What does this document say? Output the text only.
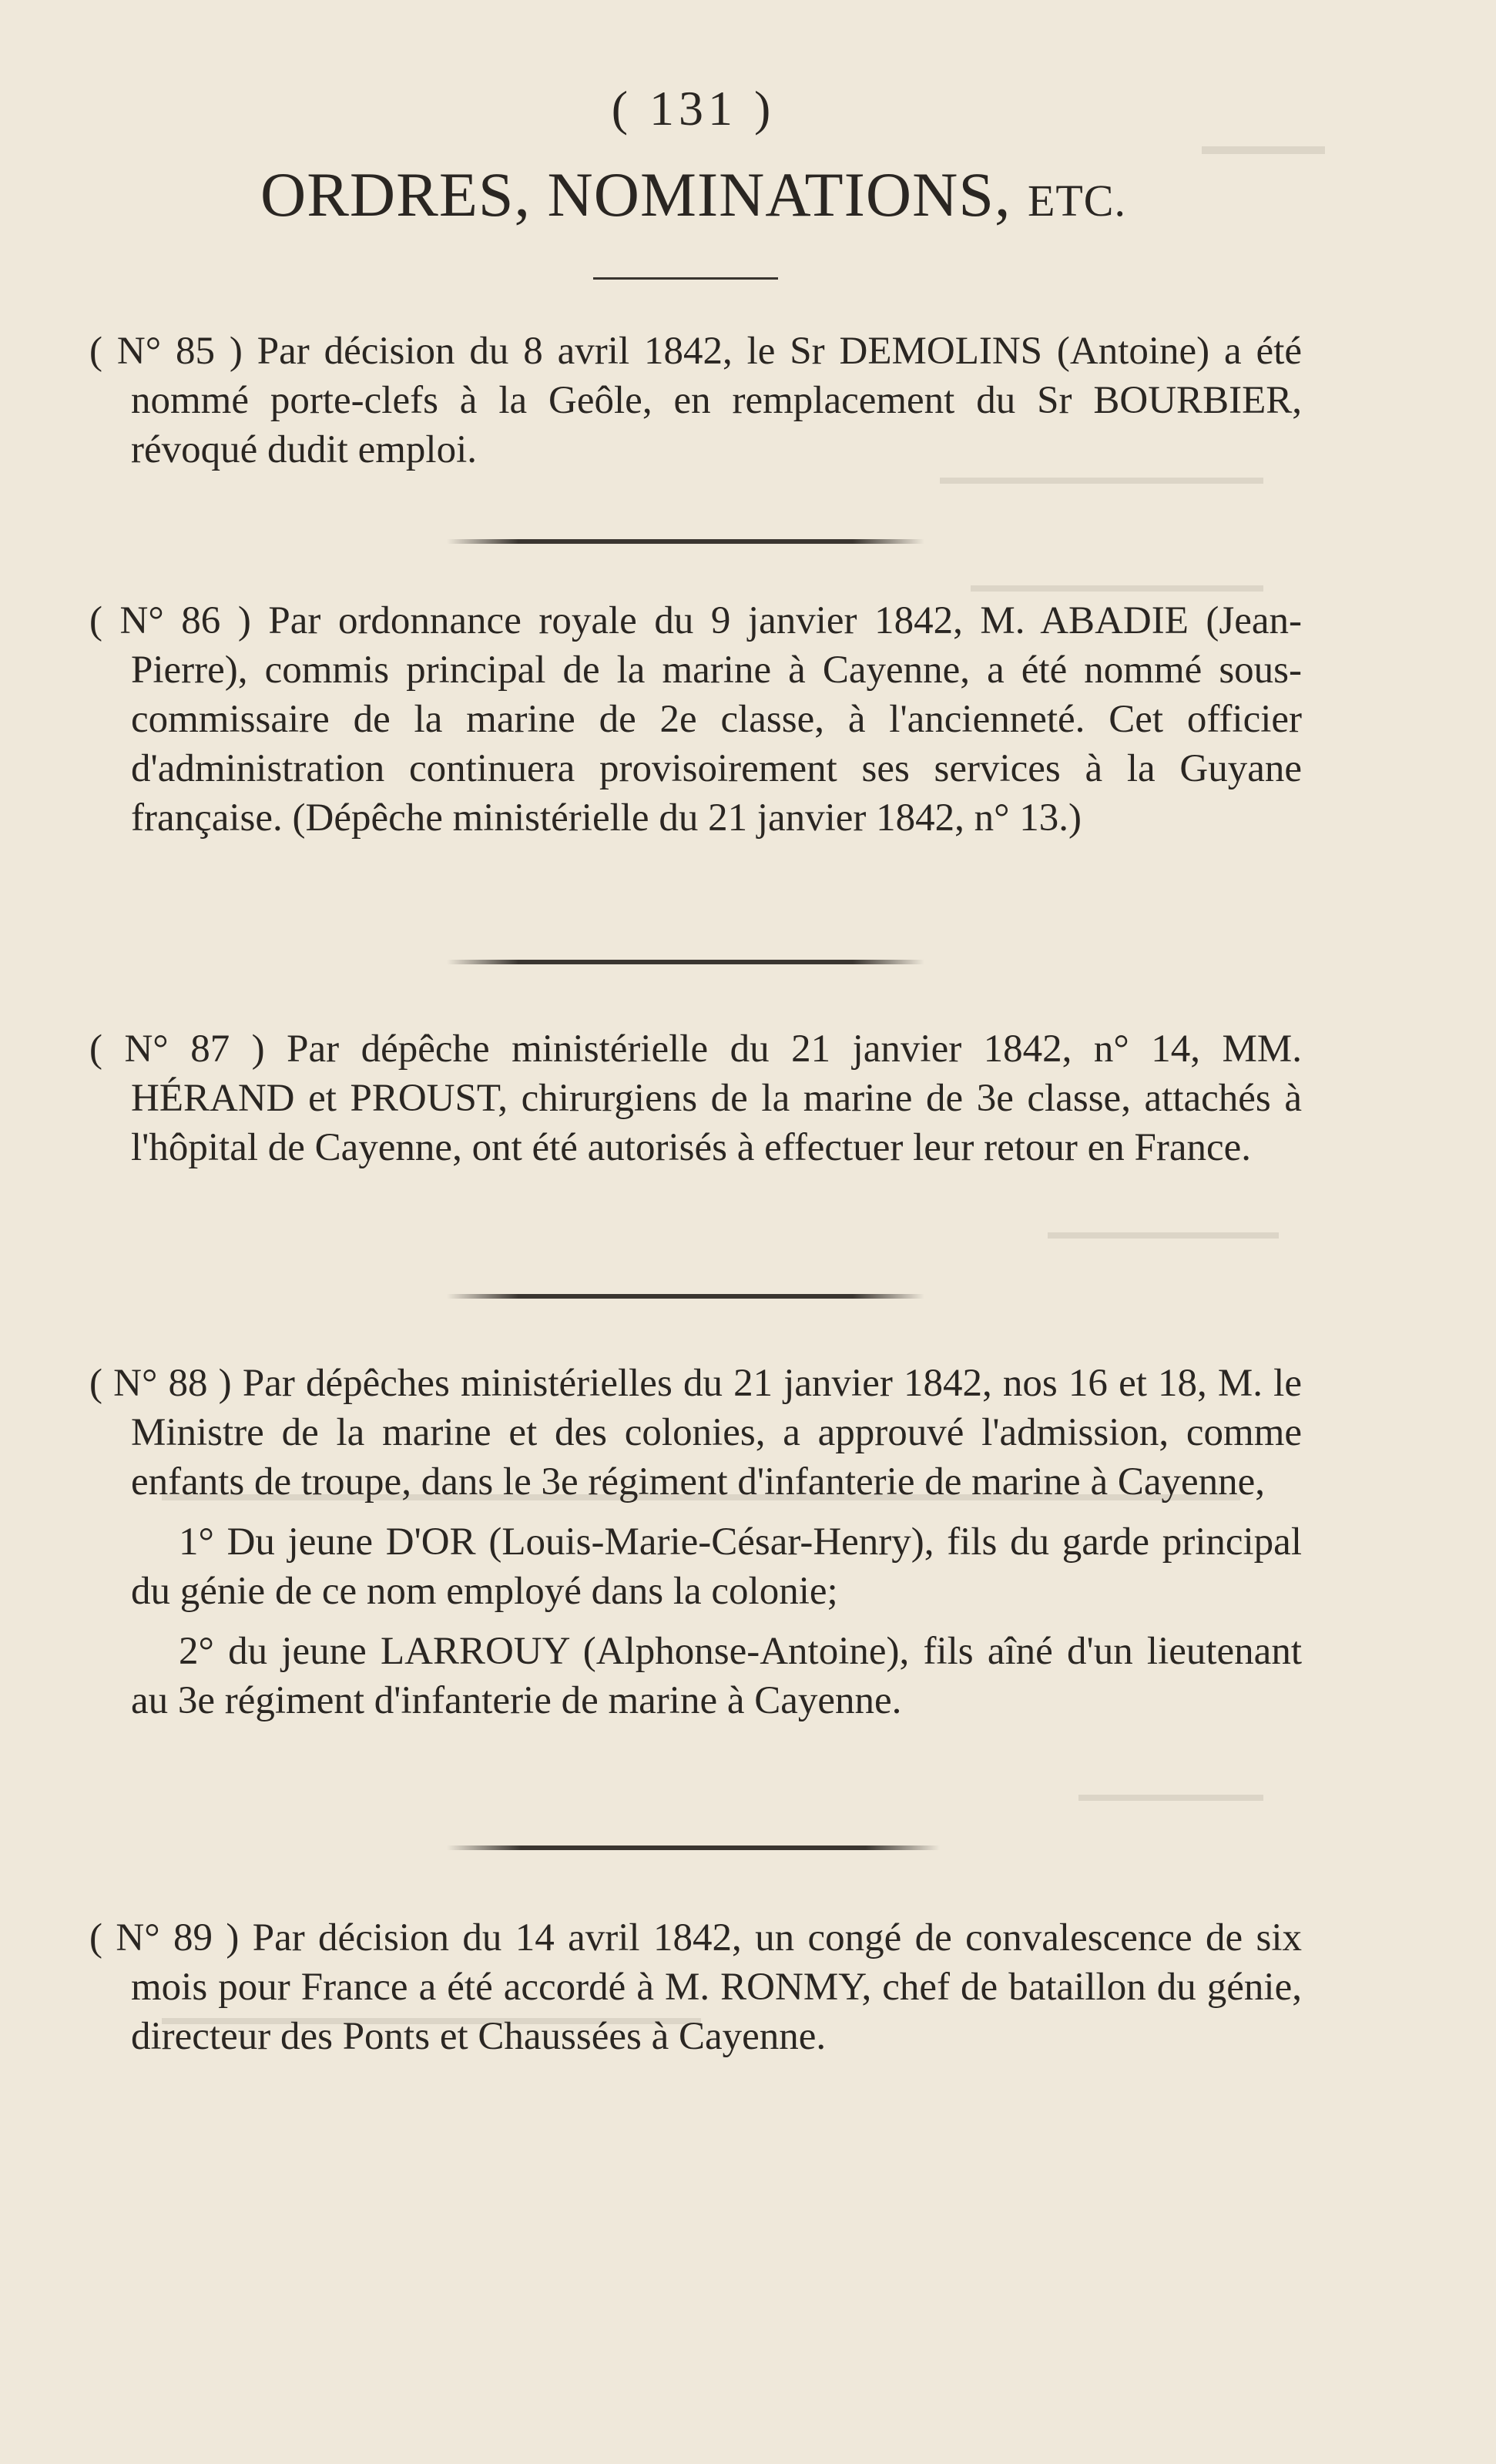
( 131 )
ORDRES, NOMINATIONS, ETC.

( N° 85 ) Par décision du 8 avril 1842, le Sr DEMOLINS (Antoine) a été nommé porte-clefs à la Geôle, en remplacement du Sr BOURBIER, révoqué dudit emploi.

( N° 86 ) Par ordonnance royale du 9 janvier 1842, M. ABADIE (Jean-Pierre), commis principal de la marine à Cayenne, a été nommé sous-commissaire de la marine de 2e classe, à l'ancienneté. Cet officier d'administration continuera provisoirement ses services à la Guyane française. (Dépêche ministérielle du 21 janvier 1842, n° 13.)

( N° 87 ) Par dépêche ministérielle du 21 janvier 1842, n° 14, MM. HÉRAND et PROUST, chirurgiens de la marine de 3e classe, attachés à l'hôpital de Cayenne, ont été autorisés à effectuer leur retour en France.

( N° 88 ) Par dépêches ministérielles du 21 janvier 1842, nos 16 et 18, M. le Ministre de la marine et des colonies, a approuvé l'admission, comme enfants de troupe, dans le 3e régiment d'infanterie de marine à Cayenne,

1° Du jeune D'OR (Louis-Marie-César-Henry), fils du garde principal du génie de ce nom employé dans la colonie;

2° du jeune LARROUY (Alphonse-Antoine), fils aîné d'un lieutenant au 3e régiment d'infanterie de marine à Cayenne.

( N° 89 ) Par décision du 14 avril 1842, un congé de convalescence de six mois pour France a été accordé à M. RONMY, chef de bataillon du génie, directeur des Ponts et Chaussées à Cayenne.
